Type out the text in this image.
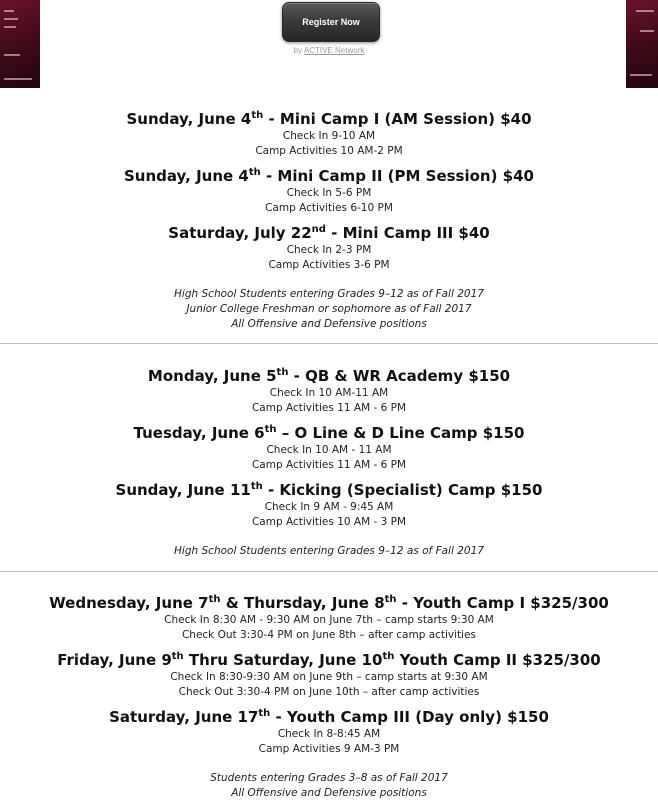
Register Now
by ACTIVE Network
Sunday, June 4th - Mini Camp I (AM Session) $40
Check In 9-10 AM
Camp Activities 10 AM-2 PM
Sunday, June 4th - Mini Camp II (PM Session) $40
Check In 5-6 PM
Camp Activities 6-10 PM
Saturday, July 22nd - Mini Camp III $40
Check In 2-3 PM
Camp Activities 3-6 PM
High School Students entering Grades 9–12 as of Fall 2017
Junior College Freshman or sophomore as of Fall 2017
All Offensive and Defensive positions
Monday, June 5th - QB & WR Academy $150
Check In 10 AM-11 AM
Camp Activities 11 AM - 6 PM
Tuesday, June 6th – O Line & D Line Camp $150
Check In 10 AM - 11 AM
Camp Activities 11 AM - 6 PM
Sunday, June 11th - Kicking (Specialist) Camp $150
Check In 9 AM - 9:45 AM
Camp Activities 10 AM - 3 PM
High School Students entering Grades 9–12 as of Fall 2017
Wednesday, June 7th & Thursday, June 8th - Youth Camp I $325/300
Check In 8:30 AM - 9:30 AM on June 7th – camp starts 9:30 AM
Check Out 3:30-4 PM on June 8th – after camp activities
Friday, June 9th Thru Saturday, June 10th Youth Camp II $325/300
Check In 8:30-9:30 AM on June 9th – camp starts at 9:30 AM
Check Out 3:30-4 PM on June 10th – after camp activities
Saturday, June 17th - Youth Camp III (Day only) $150
Check In 8-8:45 AM
Camp Activities 9 AM-3 PM
Students entering Grades 3–8 as of Fall 2017
All Offensive and Defensive positions
